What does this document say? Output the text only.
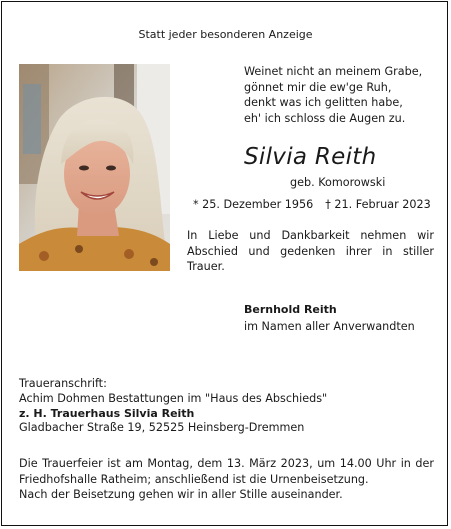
Statt jeder besonderen Anzeige
Weinet nicht an meinem Grabe,
gönnet mir die ew'ge Ruh,
denkt was ich gelitten habe,
eh' ich schloss die Augen zu.
Silvia Reith
geb. Komorowski
* 25. Dezember 1956 † 21. Februar 2023
In Liebe und Dankbarkeit nehmen wir Abschied und gedenken ihrer in stiller Trauer.
Bernhold Reith
im Namen aller Anverwandten
Traueranschrift:
Achim Dohmen Bestattungen im "Haus des Abschieds"
z. H. Trauerhaus Silvia Reith
Gladbacher Straße 19, 52525 Heinsberg-Dremmen
Die Trauerfeier ist am Montag, dem 13. März 2023, um 14.00 Uhr in der Friedhofshalle Ratheim; anschließend ist die Urnenbeisetzung.
Nach der Beisetzung gehen wir in aller Stille auseinander.
